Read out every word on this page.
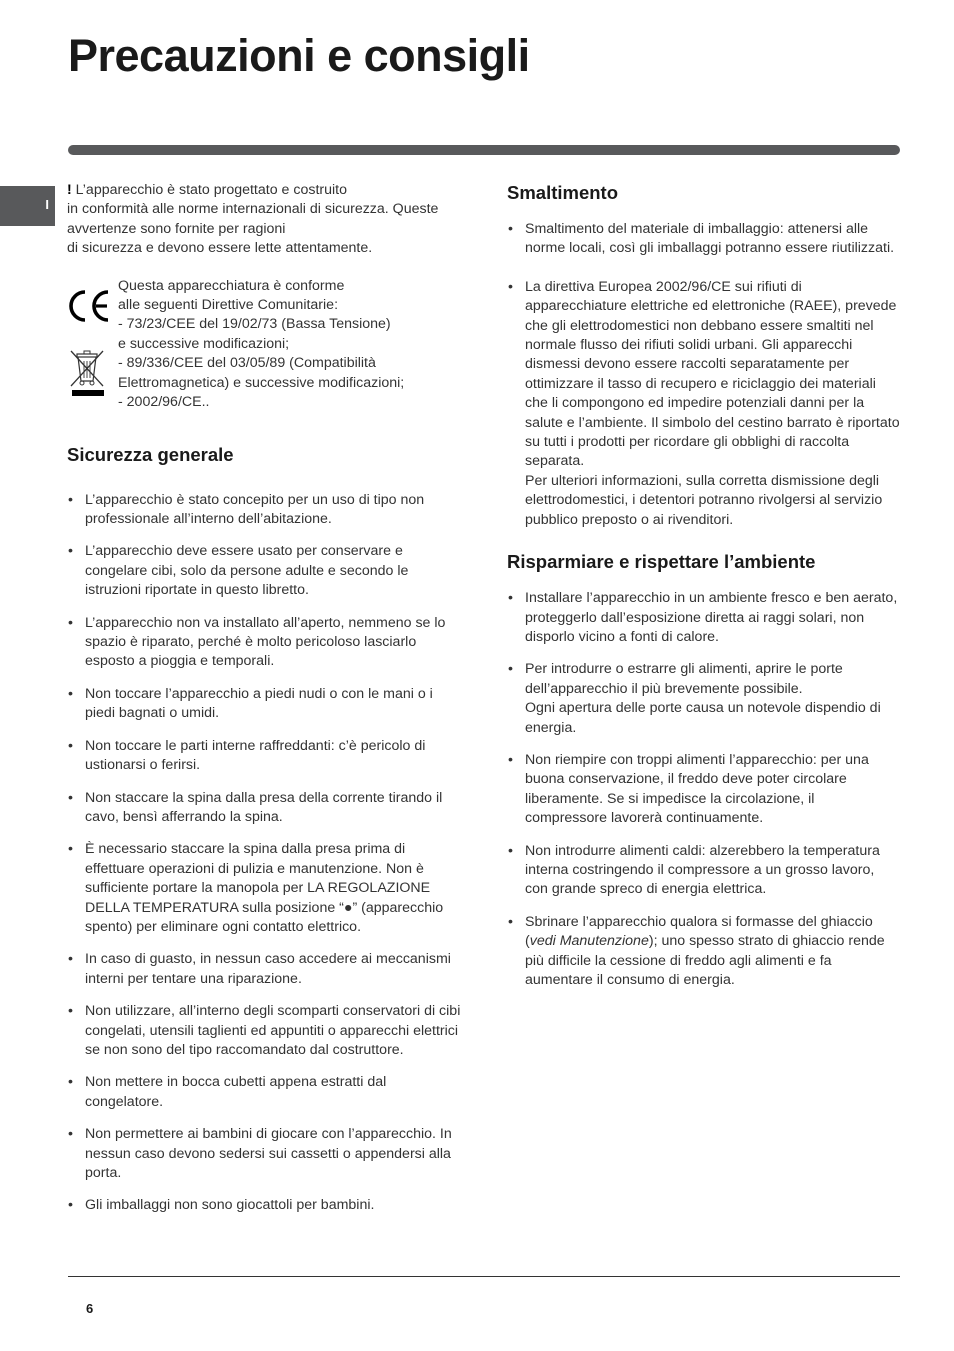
Precauzioni e consigli
I

! L’apparecchio è stato progettato e costruito
in conformità alle norme internazionali di sicurezza. Queste avvertenze sono fornite per ragioni
di sicurezza e devono essere lette attentamente.

Questa apparecchiatura è conforme
alle seguenti Direttive Comunitarie:
- 73/23/CEE del 19/02/73 (Bassa Tensione)
e successive modificazioni;
- 89/336/CEE del 03/05/89 (Compatibilità Elettromagnetica) e successive modificazioni;
- 2002/96/CE..

Sicurezza generale
• L’apparecchio è stato concepito per un uso di tipo non professionale all’interno dell’abitazione.
• L’apparecchio deve essere usato per conservare e congelare cibi, solo da persone adulte e secondo le istruzioni riportate in questo libretto.
• L’apparecchio non va installato all’aperto, nemmeno se lo spazio è riparato, perché è molto pericoloso lasciarlo esposto a pioggia e temporali.
• Non toccare l’apparecchio a piedi nudi o con le mani o i piedi bagnati o umidi.
• Non toccare le parti interne raffreddanti: c’è pericolo di ustionarsi o ferirsi.
• Non staccare la spina dalla presa della corrente tirando il cavo, bensì afferrando la spina.
• È necessario staccare la spina dalla presa prima di effettuare operazioni di pulizia e manutenzione. Non è sufficiente portare la manopola per LA REGOLAZIONE DELLA TEMPERATURA sulla posizione “●” (apparecchio spento) per eliminare ogni contatto elettrico.
• In caso di guasto, in nessun caso accedere ai meccanismi interni per tentare una riparazione.
• Non utilizzare, all’interno degli scomparti conservatori di cibi congelati, utensili taglienti ed appuntiti o apparecchi elettrici se non sono del tipo raccomandato dal costruttore.
• Non mettere in bocca cubetti appena estratti dal congelatore.
• Non permettere ai bambini di giocare con l’apparecchio. In nessun caso devono sedersi sui cassetti o appendersi alla porta.
• Gli imballaggi non sono giocattoli per bambini.
Smaltimento
• Smaltimento del materiale di imballaggio: attenersi alle norme locali, così gli imballaggi potranno essere riutilizzati.
• La direttiva Europea 2002/96/CE sui rifiuti di apparecchiature elettriche ed elettroniche (RAEE), prevede che gli elettrodomestici non debbano essere smaltiti nel normale flusso dei rifiuti solidi urbani. Gli apparecchi dismessi devono essere raccolti separatamente per ottimizzare il tasso di recupero e riciclaggio dei materiali che li compongono ed impedire potenziali danni per la salute e l’ambiente. Il simbolo del cestino barrato è riportato su tutti i prodotti per ricordare gli obblighi di raccolta separata.
Per ulteriori informazioni, sulla corretta dismissione degli elettrodomestici, i detentori potranno rivolgersi al servizio pubblico preposto o ai rivenditori.
Risparmiare e rispettare l’ambiente
• Installare l’apparecchio in un ambiente fresco e ben aerato, proteggerlo dall’esposizione diretta ai raggi solari, non disporlo vicino a fonti di calore.
• Per introdurre o estrarre gli alimenti, aprire le porte dell’apparecchio il più brevemente possibile.
Ogni apertura delle porte causa un notevole dispendio di energia.
• Non riempire con troppi alimenti l’apparecchio: per una buona conservazione, il freddo deve poter circolare liberamente. Se si impedisce la circolazione, il compressore lavorerà continuamente.
• Non introdurre alimenti caldi: alzerebbero la temperatura interna costringendo il compressore a un grosso lavoro, con grande spreco di energia elettrica.
• Sbrinare l’apparecchio qualora si formasse del ghiaccio (vedi Manutenzione); uno spesso strato di ghiaccio rende più difficile la cessione di freddo agli alimenti e fa aumentare il consumo di energia.
6
